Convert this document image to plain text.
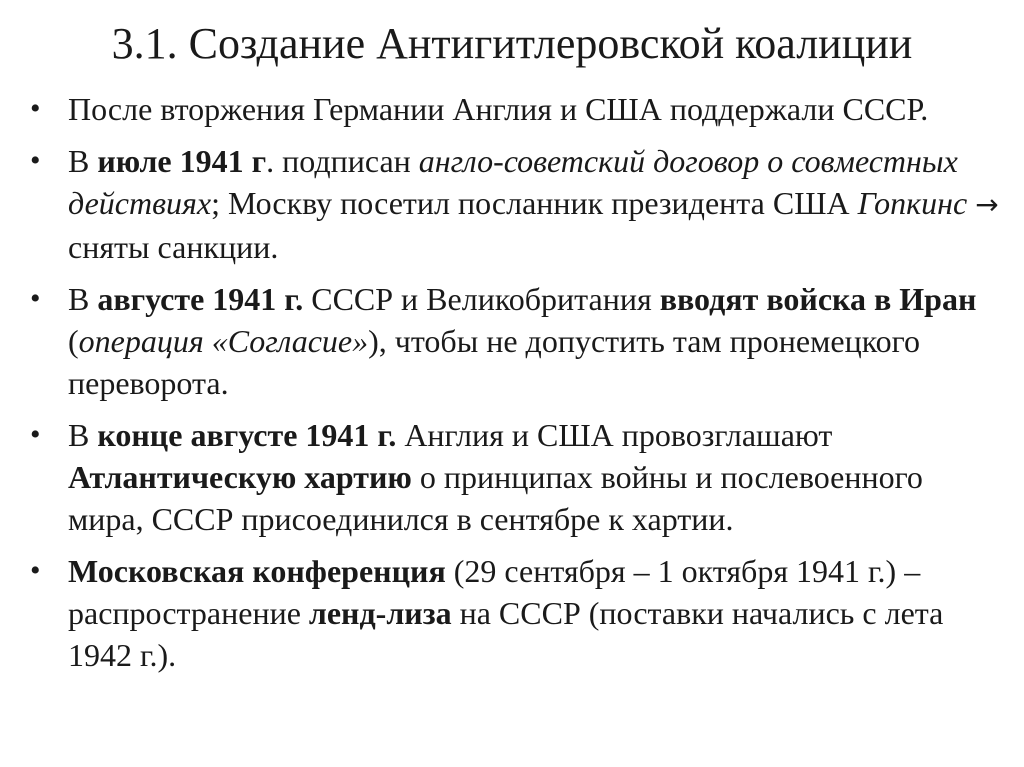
3.1. Создание Антигитлеровской коалиции
• После вторжения Германии Англия и США поддержали СССР.
• В июле 1941 г. подписан англо-советский договор о совместных действиях; Москву посетил посланник президента США Гопкинс → сняты санкции.
• В августе 1941 г. СССР и Великобритания вводят войска в Иран (операция «Согласие»), чтобы не допустить там пронемецкого переворота.
• В конце августе 1941 г. Англия и США провозглашают Атлантическую хартию о принципах войны и послевоенного мира, СССР присоединился в сентябре к хартии.
• Московская конференция (29 сентября – 1 октября 1941 г.) – распространение ленд-лиза на СССР (поставки начались с лета 1942 г.).
